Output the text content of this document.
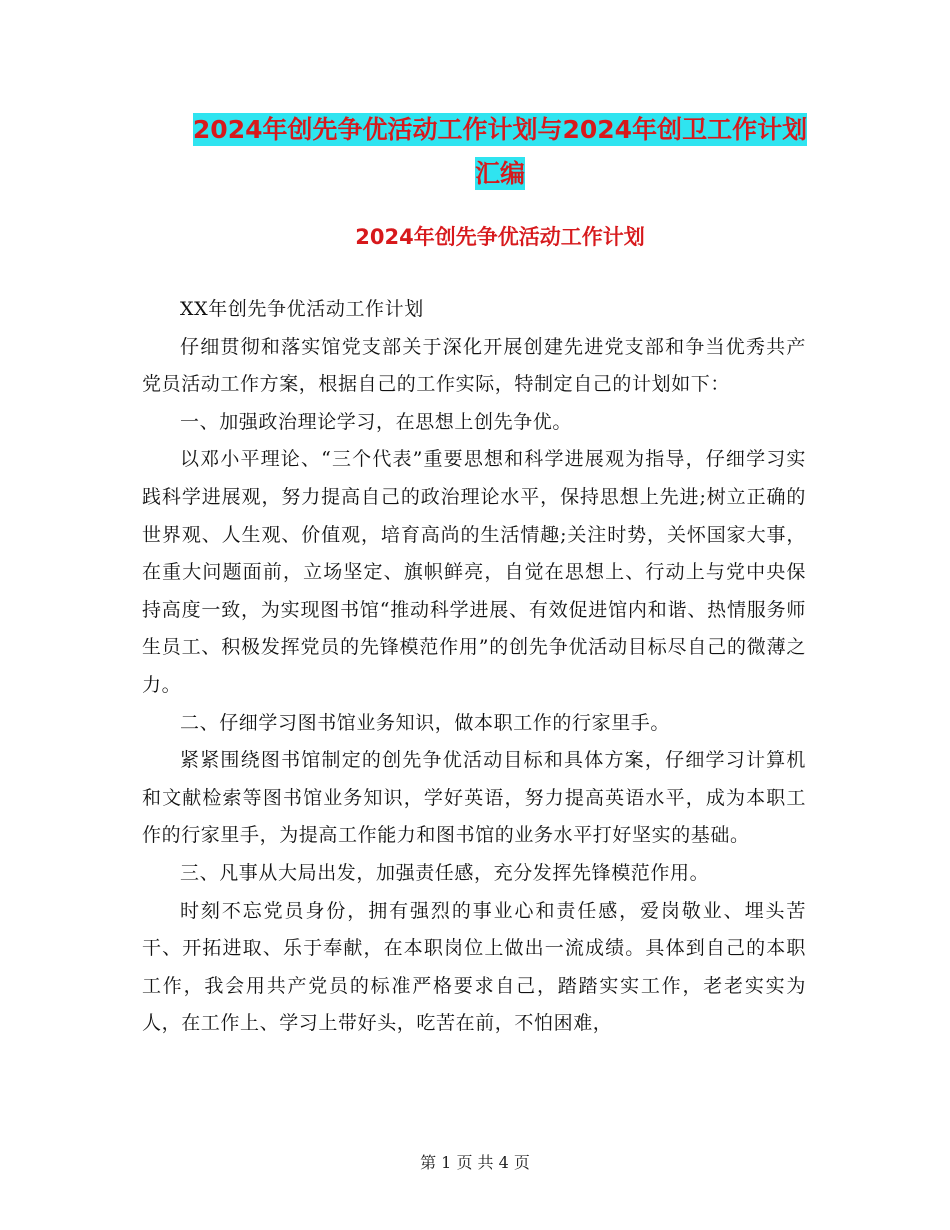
2024年创先争优活动工作计划与2024年创卫工作计划
汇编
2024年创先争优活动工作计划

XX年创先争优活动工作计划

仔细贯彻和落实馆党支部关于深化开展创建先进党支部和争当优秀共产党员活动工作方案，根据自己的工作实际，特制定自己的计划如下：

一、加强政治理论学习，在思想上创先争优。

以邓小平理论、“三个代表”重要思想和科学进展观为指导，仔细学习实践科学进展观，努力提高自己的政治理论水平，保持思想上先进;树立正确的世界观、人生观、价值观，培育高尚的生活情趣;关注时势，关怀国家大事，在重大问题面前，立场坚定、旗帜鲜亮，自觉在思想上、行动上与党中央保持高度一致，为实现图书馆“推动科学进展、有效促进馆内和谐、热情服务师生员工、积极发挥党员的先锋模范作用”的创先争优活动目标尽自己的微薄之力。

二、仔细学习图书馆业务知识，做本职工作的行家里手。

紧紧围绕图书馆制定的创先争优活动目标和具体方案，仔细学习计算机和文献检索等图书馆业务知识，学好英语，努力提高英语水平，成为本职工作的行家里手，为提高工作能力和图书馆的业务水平打好坚实的基础。

三、凡事从大局出发，加强责任感，充分发挥先锋模范作用。

时刻不忘党员身份，拥有强烈的事业心和责任感，爱岗敬业、埋头苦干、开拓进取、乐于奉献，在本职岗位上做出一流成绩。具体到自己的本职工作，我会用共产党员的标准严格要求自己，踏踏实实工作，老老实实为人，在工作上、学习上带好头，吃苦在前，不怕困难，

第 1 页 共 4 页
